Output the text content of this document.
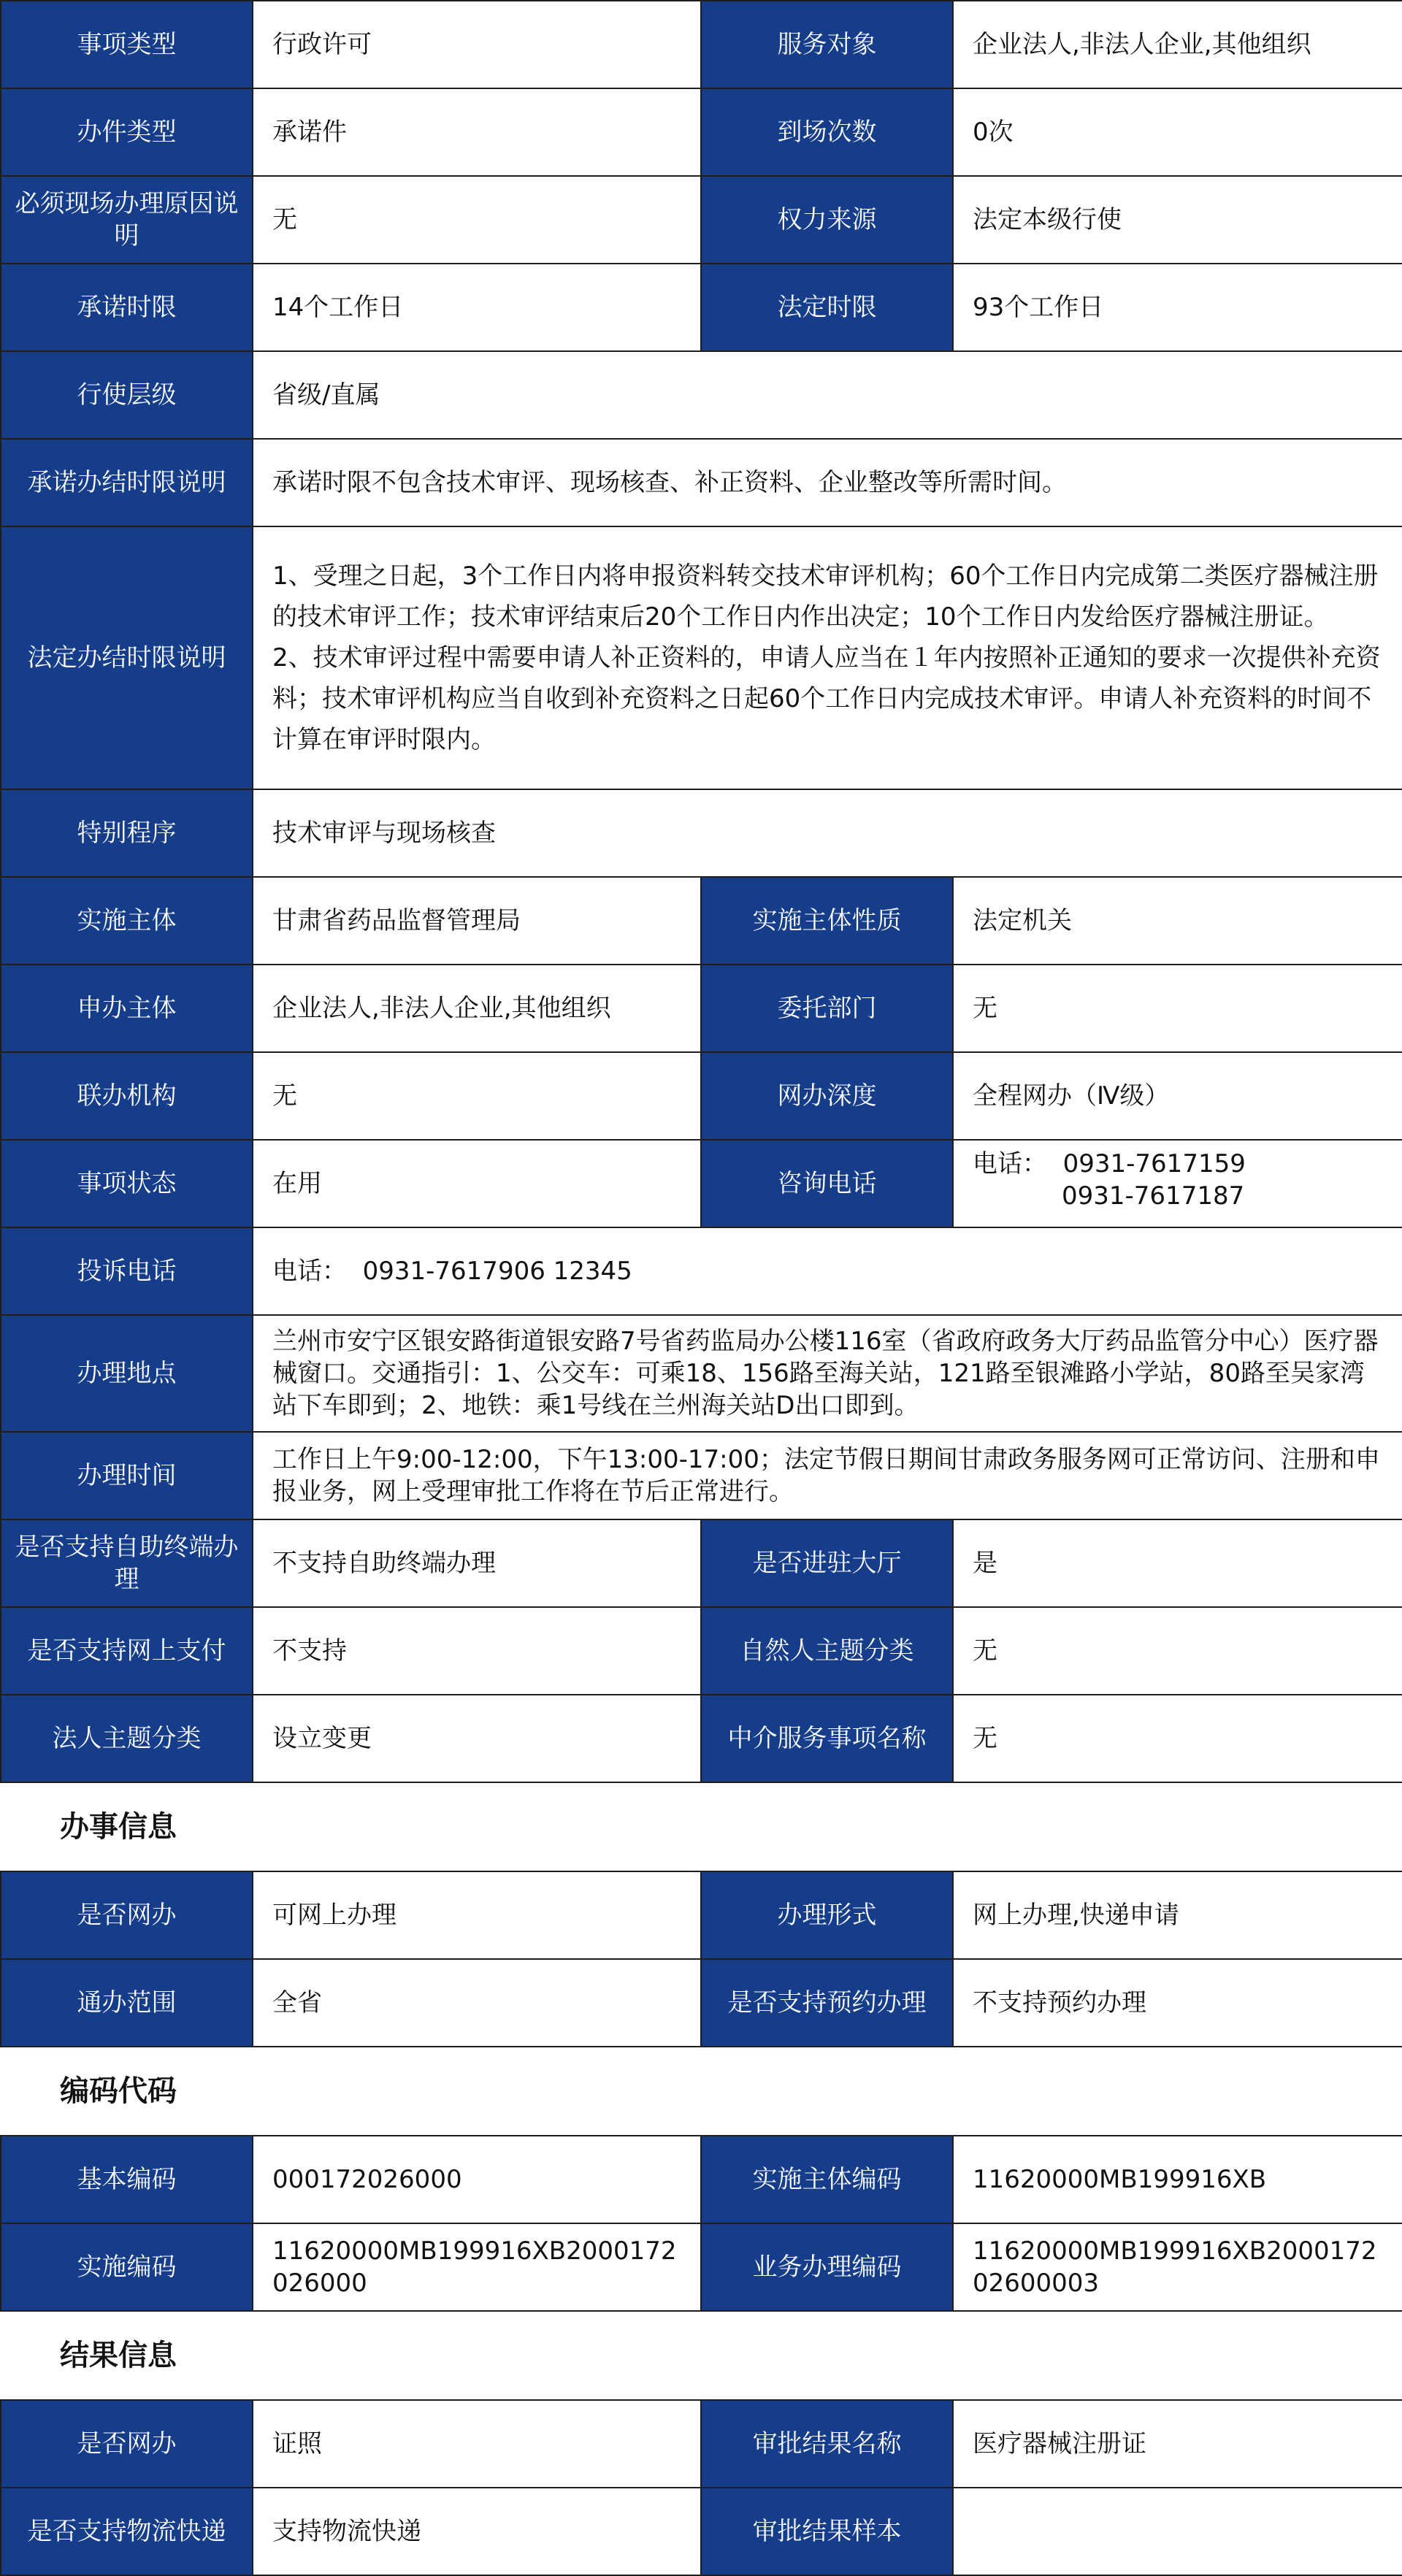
事项类型	行政许可	服务对象	企业法人,非法人企业,其他组织
办件类型	承诺件	到场次数	0次
必须现场办理原因说明	无	权力来源	法定本级行使
承诺时限	14个工作日	法定时限	93个工作日
行使层级	省级/直属		
承诺办结时限说明	承诺时限不包含技术审评、现场核查、补正资料、企业整改等所需时间。		
法定办结时限说明	1、受理之日起，3个工作日内将申报资料转交技术审评机构；60个工作日内完成第二类医疗器械注册的技术审评工作；技术审评结束后20个工作日内作出决定；10个工作日内发给医疗器械注册证。
2、技术审评过程中需要申请人补正资料的，申请人应当在１年内按照补正通知的要求一次提供补充资料；技术审评机构应当自收到补充资料之日起60个工作日内完成技术审评。申请人补充资料的时间不计算在审评时限内。		

特别程序	技术审评与现场核查		
实施主体	甘肃省药品监督管理局	实施主体性质	法定机关
申办主体	企业法人,非法人企业,其他组织	委托部门	无
联办机构	无	网办深度	全程网办（Ⅳ级）
事项状态	在用	咨询电话	电话： 0931-7617159
0931-7617187

投诉电话	电话：  0931-7617906 12345		
办理地点	兰州市安宁区银安路街道银安路7号省药监局办公楼116室（省政府政务大厅药品监管分中心）医疗器械窗口。交通指引：1、公交车：可乘18、156路至海关站，121路至银滩路小学站，80路至吴家湾站下车即到；2、地铁：乘1号线在兰州海关站D出口即到。		
办理时间	工作日上午9:00-12:00，下午13:00-17:00；法定节假日期间甘肃政务服务网可正常访问、注册和申报业务，网上受理审批工作将在节后正常进行。		
是否支持自助终端办理	不支持自助终端办理	是否进驻大厅	是
是否支持网上支付	不支持	自然人主题分类	无
法人主题分类	设立变更	中介服务事项名称	无
办事信息
是否网办	可网上办理	办理形式	网上办理,快递申请
通办范围	全省	是否支持预约办理	不支持预约办理
编码代码
基本编码	000172026000	实施主体编码	11620000MB199916XB
实施编码	11620000MB199916XB2000172026000	业务办理编码	11620000MB199916XB200017202600003
结果信息
是否网办	证照	审批结果名称	医疗器械注册证
是否支持物流快递	支持物流快递	审批结果样本	
